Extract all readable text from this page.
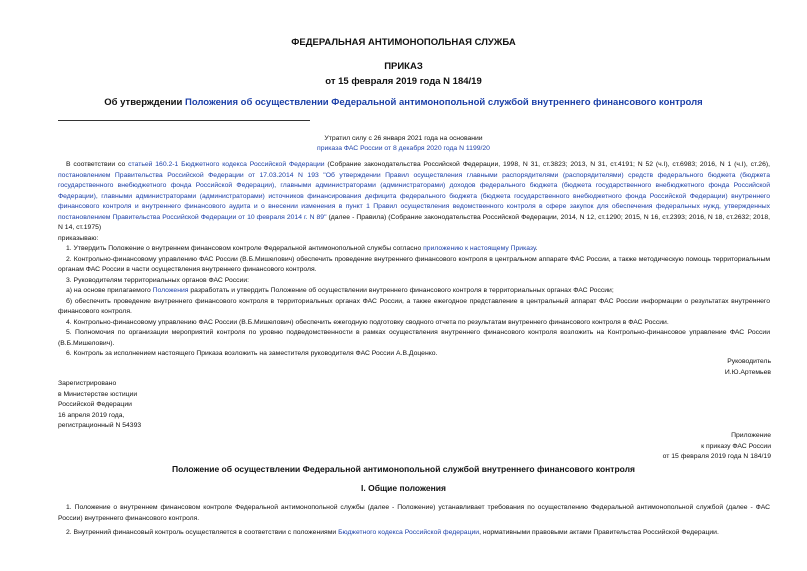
ФЕДЕРАЛЬНАЯ АНТИМОНОПОЛЬНАЯ СЛУЖБА
ПРИКАЗ
от 15 февраля 2019 года N 184/19
Об утверждении Положения об осуществлении Федеральной антимонопольной службой внутреннего финансового контроля
Утратил силу с 26 января 2021 года на основании
приказа ФАС России от 8 декабря 2020 года N 1199/20

В соответствии со статьей 160.2-1 Бюджетного кодекса Российской Федерации (Собрание законодательства Российской Федерации, 1998, N 31, ст.3823; 2013, N 31, ст.4191; N 52 (ч.I), ст.6983; 2016, N 1 (ч.I), ст.26), постановлением Правительства Российской Федерации от 17.03.2014 N 193 "Об утверждении Правил осуществления главными распорядителями (распорядителями) средств федерального бюджета (бюджета государственного внебюджетного фонда Российской Федерации), главными администраторами (администраторами) доходов федерального бюджета (бюджета государственного внебюджетного фонда Российской Федерации), главными администраторами (администраторами) источников финансирования дефицита федерального бюджета (бюджета государственного внебюджетного фонда Российской Федерации) внутреннего финансового контроля и внутреннего финансового аудита и о внесении изменения в пункт 1 Правил осуществления ведомственного контроля в сфере закупок для обеспечения федеральных нужд, утвержденных постановлением Правительства Российской Федерации от 10 февраля 2014 г. N 89" (далее - Правила) (Собрание законодательства Российской Федерации, 2014, N 12, ст.1290; 2015, N 16, ст.2393; 2016, N 18, ст.2632; 2018, N 14, ст.1975)

приказываю:

1. Утвердить Положение о внутреннем финансовом контроле Федеральной антимонопольной службы согласно приложению к настоящему Приказу.

2. Контрольно-финансовому управлению ФАС России (В.Б.Мишелович) обеспечить проведение внутреннего финансового контроля в центральном аппарате ФАС России, а также методическую помощь территориальным органам ФАС России в части осуществления внутреннего финансового контроля.

3. Руководителям территориальных органов ФАС России:

а) на основе прилагаемого Положения разработать и утвердить Положение об осуществлении внутреннего финансового контроля в территориальных органах ФАС России;

б) обеспечить проведение внутреннего финансового контроля в территориальных органах ФАС России, а также ежегодное представление в центральный аппарат ФАС России информации о результатах внутреннего финансового контроля.

4. Контрольно-финансовому управлению ФАС России (В.Б.Мишелович) обеспечить ежегодную подготовку сводного отчета по результатам внутреннего финансового контроля в ФАС России.

5. Полномочия по организации мероприятий контроля по уровню подведомственности в рамках осуществления внутреннего финансового контроля возложить на Контрольно-финансовое управление ФАС России (В.Б.Мишелович).

6. Контроль за исполнением настоящего Приказа возложить на заместителя руководителя ФАС России А.В.Доценко.

Руководитель
И.Ю.Артемьев
Зарегистрировано
в Министерстве юстиции
Российской Федерации
16 апреля 2019 года,
регистрационный N 54393
Приложение
к приказу ФАС России
от 15 февраля 2019 года N 184/19
Положение об осуществлении Федеральной антимонопольной службой внутреннего финансового контроля
I. Общие положения

1. Положение о внутреннем финансовом контроле Федеральной антимонопольной службы (далее - Положение) устанавливает требования по осуществлению Федеральной антимонопольной службой (далее - ФАС России) внутреннего финансового контроля.

2. Внутренний финансовый контроль осуществляется в соответствии с положениями Бюджетного кодекса Российской федерации, нормативными правовыми актами Правительства Российской Федерации.
